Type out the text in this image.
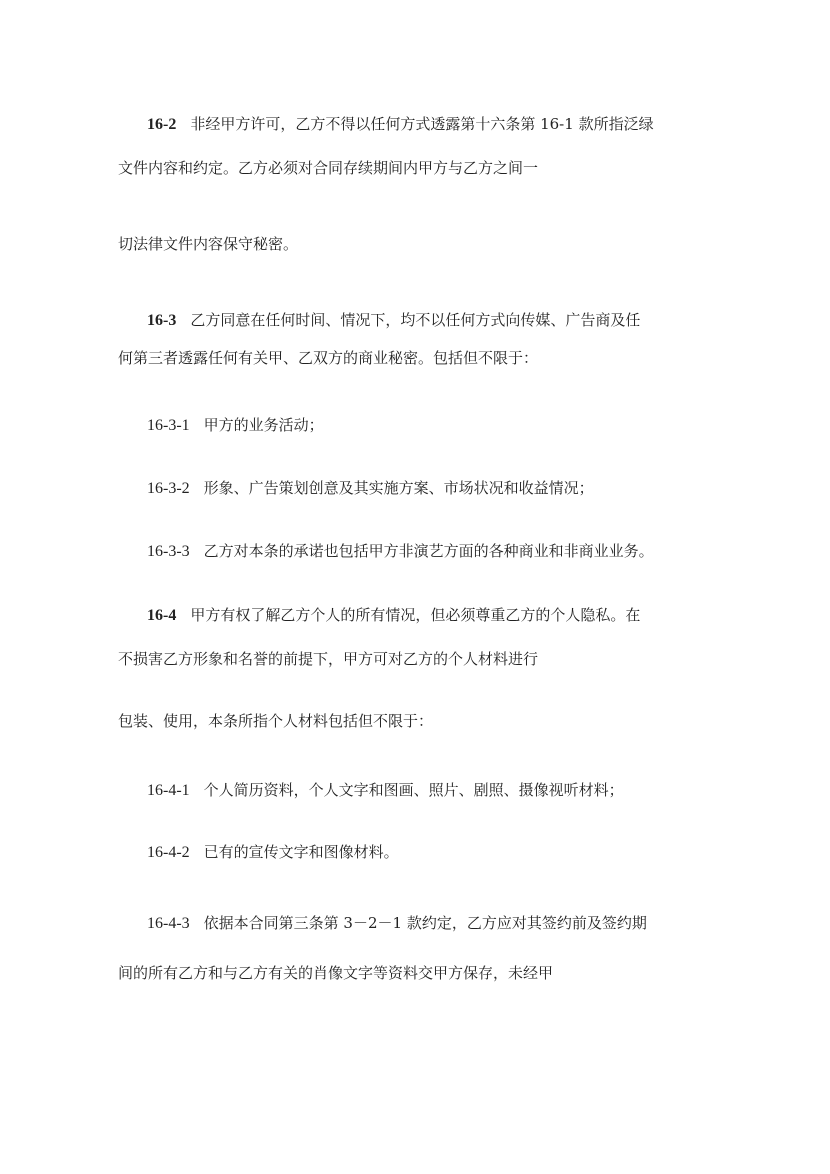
16-2 非经甲方许可，乙方不得以任何方式透露第十六条第 16-1 款所指泛绿
文件内容和约定。乙方必须对合同存续期间内甲方与乙方之间一
切法律文件内容保守秘密。
16-3 乙方同意在任何时间、情况下，均不以任何方式向传媒、广告商及任
何第三者透露任何有关甲、乙双方的商业秘密。包括但不限于：
16-3-1 甲方的业务活动；
16-3-2 形象、广告策划创意及其实施方案、市场状况和收益情况；
16-3-3 乙方对本条的承诺也包括甲方非演艺方面的各种商业和非商业业务。
16-4 甲方有权了解乙方个人的所有情况，但必须尊重乙方的个人隐私。在
不损害乙方形象和名誉的前提下，甲方可对乙方的个人材料进行
包装、使用，本条所指个人材料包括但不限于：
16-4-1 个人简历资料，个人文字和图画、照片、剧照、摄像视听材料；
16-4-2 已有的宣传文字和图像材料。
16-4-3 依据本合同第三条第 3－2－1 款约定，乙方应对其签约前及签约期
间的所有乙方和与乙方有关的肖像文字等资料交甲方保存，未经甲
